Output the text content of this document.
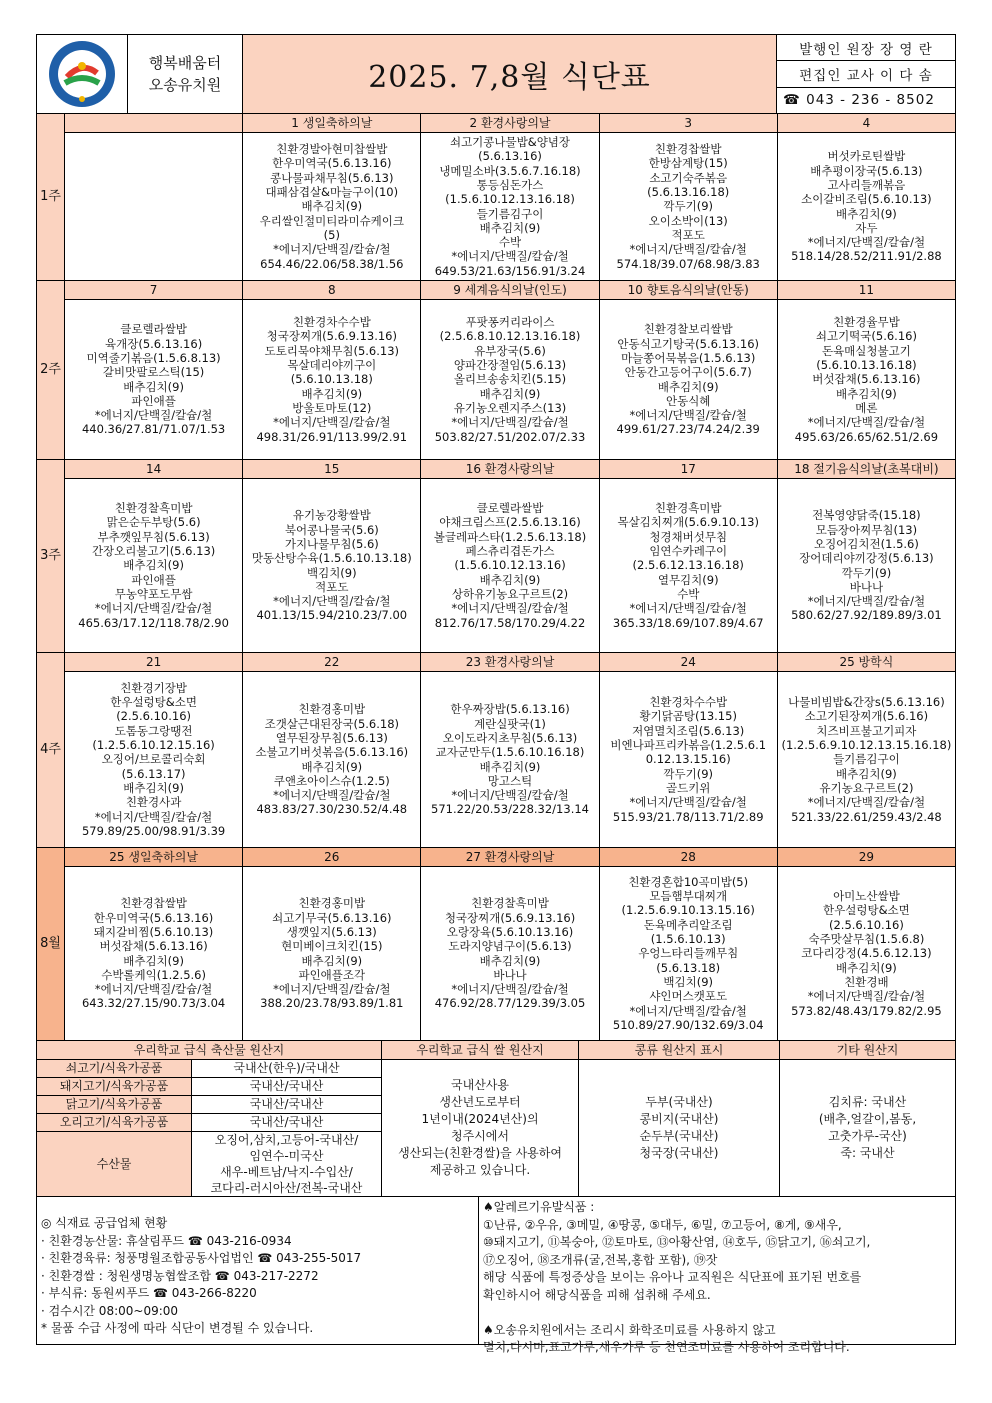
행복배움터
오송유치원	2025. 7,8월 식단표
발행인 원장 장 영 란
편집인 교사 이 다 솜
☎ 043 - 236 - 8502
1 주
1 생일축하의날
친환경발아현미찹쌀밥
한우미역국(5.6.13.16)
콩나물파채무침(5.6.13)
대패삼겹살&마늘구이(10)
배추김치(9)
우리쌀인절미티라미슈케이크
(5)
*에너지/단백질/칼슘/철
654.46/22.06/58.38/1.56
2 환경사랑의날
쇠고기콩나물밥&양념장
(5.6.13.16)
냉메밀소바(3.5.6.7.16.18)
통등심돈가스
(1.5.6.10.12.13.16.18)
들기름김구이
배추김치(9)
수박
*에너지/단백질/칼슘/철
649.53/21.63/156.91/3.24
3
친환경찹쌀밥
한방삼계탕(15)
소고기숙주볶음
(5.6.13.16.18)
깍두기(9)
오이소박이(13)
적포도
*에너지/단백질/칼슘/철
574.18/39.07/68.98/3.83
4
버섯카로틴쌀밥
배추평이장국(5.6.13)
고사리들깨볶음
소이갈비조림(5.6.10.13)
배추김치(9)
자두
*에너지/단백질/칼슘/철
518.14/28.52/211.91/2.88
2 주
7
클로렐라쌀밥
육개장(5.6.13.16)
미역줄기볶음(1.5.6.8.13)
갈비맛팔로스틱(15)
배추김치(9)
파인애플
*에너지/단백질/칼슘/철
440.36/27.81/71.07/1.53
8
친환경차수수밥
청국장찌개(5.6.9.13.16)
도토리묵야채무침(5.6.13)
목살데리야끼구이
(5.6.10.13.18)
배추김치(9)
방울토마토(12)
*에너지/단백질/칼슘/철
498.31/26.91/113.99/2.91
9 세계음식의날(인도)
푸팟퐁커리라이스
(2.5.6.8.10.12.13.16.18)
유부장국(5.6)
양파간장절임(5.6.13)
올리브송송치킨(5.15)
배추김치(9)
유기농오렌지주스(13)
*에너지/단백질/칼슘/철
503.82/27.51/202.07/2.33
10 향토음식의날(안동)
친환경찰보리쌀밥
안동식고기탕국(5.6.13.16)
마늘쫑어묵볶음(1.5.6.13)
안동간고등어구이(5.6.7)
배추김치(9)
안동식혜
*에너지/단백질/칼슘/철
499.61/27.23/74.24/2.39
11
친환경율무밥
쇠고기떡국(5.6.16)
돈육매실청불고기
(5.6.10.13.16.18)
버섯잡채(5.6.13.16)
배추김치(9)
메론
*에너지/단백질/칼슘/철
495.63/26.65/62.51/2.69
3 주
14
친환경찰흑미밥
맑은순두부탕(5.6)
부추깻잎무침(5.6.13)
간장오리불고기(5.6.13)
배추김치(9)
파인애플
무농약포도무쌈
*에너지/단백질/칼슘/철
465.63/17.12/118.78/2.90
15
유기농강황쌀밥
북어콩나물국(5.6)
가지나물무침(5.6)
맛동산탕수육(1.5.6.10.13.18)
백김치(9)
적포도
*에너지/단백질/칼슘/철
401.13/15.94/210.23/7.00
16 환경사랑의날
클로렐라쌀밥
야채크림스프(2.5.6.13.16)
볼글레파스타(1.2.5.6.13.18)
페스츄리겹돈가스
(1.5.6.10.12.13.16)
배추김치(9)
상하유기농요구르트(2)
*에너지/단백질/칼슘/철
812.76/17.58/170.29/4.22
17
친환경흑미밥
목살김치찌개(5.6.9.10.13)
청경채버섯무침
임연수카레구이
(2.5.6.12.13.16.18)
열무김치(9)
수박
*에너지/단백질/칼슘/철
365.33/18.69/107.89/4.67
18 절기음식의날(초복대비)
전복영양닭죽(15.18)
모듬장아찌무침(13)
오징어김치전(1.5.6)
장어데리야끼강정(5.6.13)
깍두기(9)
바나나
*에너지/단백질/칼슘/철
580.62/27.92/189.89/3.01
4 주
21
친환경기장밥
한우설렁탕&소면
(2.5.6.10.16)
도톰동그랑땡전
(1.2.5.6.10.12.15.16)
오징어/브로콜리숙회
(5.6.13.17)
배추김치(9)
친환경사과
*에너지/단백질/칼슘/철
579.89/25.00/98.91/3.39
22
친환경홍미밥
조갯살근대된장국(5.6.18)
열무된장무침(5.6.13)
소불고기버섯볶음(5.6.13.16)
배추김치(9)
쿠앤초아이스슈(1.2.5)
*에너지/단백질/칼슘/철
483.83/27.30/230.52/4.48
23 환경사랑의날
한우짜장밥(5.6.13.16)
계란실팟국(1)
오이도라지초무침(5.6.13)
교자군만두(1.5.6.10.16.18)
배추김치(9)
망고스틱
*에너지/단백질/칼슘/철
571.22/20.53/228.32/13.14
24
친환경차수수밥
황기닭곰탕(13.15)
저염멸치조림(5.6.13)
비엔나파프리카볶음(1.2.5.6.1
0.12.13.15.16)
깍두기(9)
골드키위
*에너지/단백질/칼슘/철
515.93/21.78/113.71/2.89
25 방학식
나물비빔밥&간장s(5.6.13.16)
소고기된장찌개(5.6.16)
치즈비프불고기피자
(1.2.5.6.9.10.12.13.15.16.18)
들기름김구이
배추김치(9)
유기농요구르트(2)
*에너지/단백질/칼슘/철
521.33/22.61/259.43/2.48
8 월
25 생일축하의날
친환경찹쌀밥
한우미역국(5.6.13.16)
돼지갈비찜(5.6.10.13)
버섯잡채(5.6.13.16)
배추김치(9)
수박롤케익(1.2.5.6)
*에너지/단백질/칼슘/철
643.32/27.15/90.73/3.04
26
친환경홍미밥
쇠고기무국(5.6.13.16)
생깻잎지(5.6.13)
현미베이크치킨(15)
배추김치(9)
파인애플조각
*에너지/단백질/칼슘/철
388.20/23.78/93.89/1.81
27 환경사랑의날
친환경찰흑미밥
청국장찌개(5.6.9.13.16)
오랑장육(5.6.10.13.16)
도라지양념구이(5.6.13)
배추김치(9)
바나나
*에너지/단백질/칼슘/철
476.92/28.77/129.39/3.05
28
친환경혼합10곡미밥(5)
모듬햄부대찌개
(1.2.5.6.9.10.13.15.16)
돈육메추리알조림
(1.5.6.10.13)
우엉느타리들깨무침
(5.6.13.18)
백김치(9)
샤인머스캣포도
*에너지/단백질/칼슘/철
510.89/27.90/132.69/3.04
29
아미노산쌀밥
한우설렁탕&소면
(2.5.6.10.16)
숙주맛살무침(1.5.6.8)
코다리강정(4.5.6.12.13)
배추김치(9)
친환경배
*에너지/단백질/칼슘/철
573.82/48.43/179.82/2.95
우리학교 급식 축산물 원산지
쇠고기/식육가공품	국내산(한우)/국내산
돼지고기/식육가공품	국내산/국내산
닭고기/식육가공품	국내산/국내산
오리고기/식육가공품	국내산/국내산
수산물
오징어,삼치,고등어-국내산/
임연수-미국산
새우-베트남/낙지-수입산/
코다리-러시아산/전복-국내산
우리학교 급식 쌀 원산지
국내산사용
생산년도로부터
1년이내(2024년산)의
청주시에서
생산되는(친환경쌀)을 사용하여
제공하고 있습니다.
콩류 원산지 표시
두부(국내산)
콩비지(국내산)
순두부(국내산)
청국장(국내산)
기타 원산지
김치류: 국내산
(배추,얼갈이,봄동,
고춧가루-국산)
죽: 국내산
◎ 식재료 공급업체 현황
· 친환경농산물: 휴살림푸드 ☎ 043-216-0934
· 친환경육류: 청풍명월조합공동사업법인 ☎ 043-255-5017
· 친환경쌀 : 청원생명농협쌀조합 ☎ 043-217-2272
· 부식류: 동원씨푸드 ☎ 043-266-8220
· 검수시간 08:00~09:00
* 물품 수급 사정에 따라 식단이 변경될 수 있습니다.
♠알레르기유발식품 :
①난류, ②우유, ③메밀, ④땅콩, ⑤대두, ⑥밀, ⑦고등어, ⑧게, ⑨새우,
⑩돼지고기, ⑪복숭아, ⑫토마토, ⑬아황산염, ⑭호두, ⑮닭고기, ⑯쇠고기,
⑰오징어, ⑱조개류(굴,전복,홍합 포함), ⑲잣
해당 식품에 특정증상을 보이는 유아나 교직원은 식단표에 표기된 번호를
확인하시어 해당식품을 피해 섭취해 주세요.

♠오송유치원에서는 조리시 화학조미료를 사용하지 않고
멸치,다시마,표고가루,새우가루 등 천연조미료를 사용하여 조리합니다.
